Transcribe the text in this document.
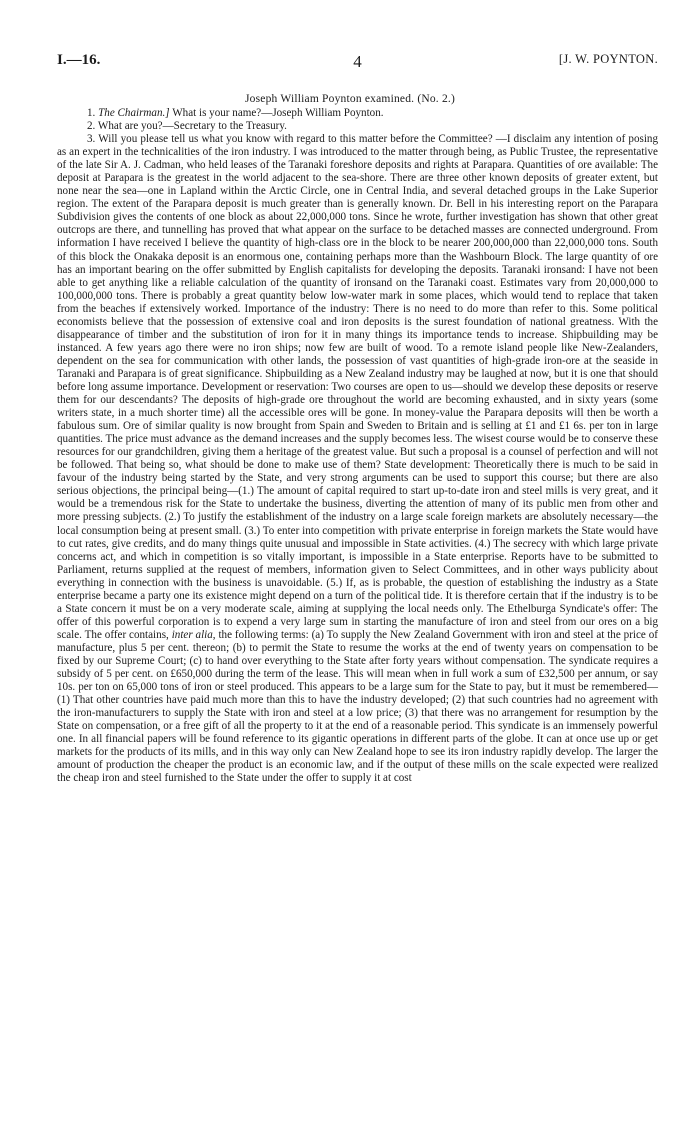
I.—16.	4	[J. W. POYNTON.
Joseph William Poynton examined. (No. 2.)

1. The Chairman.] What is your name?—Joseph William Poynton.

2. What are you?—Secretary to the Treasury.

3. Will you please tell us what you know with regard to this matter before the Committee? —I disclaim any intention of posing as an expert in the technicalities of the iron industry. I was introduced to the matter through being, as Public Trustee, the representative of the late Sir A. J. Cadman, who held leases of the Taranaki foreshore deposits and rights at Parapara. Quantities of ore available: The deposit at Parapara is the greatest in the world adjacent to the sea-shore. There are three other known deposits of greater extent, but none near the sea—one in Lapland within the Arctic Circle, one in Central India, and several detached groups in the Lake Superior region. The extent of the Parapara deposit is much greater than is generally known. Dr. Bell in his interesting report on the Parapara Subdivision gives the contents of one block as about 22,000,000 tons. Since he wrote, further investigation has shown that other great outcrops are there, and tunnelling has proved that what appear on the surface to be detached masses are connected underground. From information I have received I believe the quantity of high-class ore in the block to be nearer 200,000,000 than 22,000,000 tons. South of this block the Onakaka deposit is an enormous one, containing perhaps more than the Washbourn Block. The large quantity of ore has an important bearing on the offer submitted by English capitalists for developing the deposits. Taranaki ironsand: I have not been able to get anything like a reliable calculation of the quantity of ironsand on the Taranaki coast. Estimates vary from 20,000,000 to 100,000,000 tons. There is probably a great quantity below low-water mark in some places, which would tend to replace that taken from the beaches if extensively worked. Importance of the industry: There is no need to do more than refer to this. Some political economists believe that the possession of extensive coal and iron deposits is the surest foundation of national greatness. With the disappearance of timber and the substitution of iron for it in many things its importance tends to increase. Shipbuilding may be instanced. A few years ago there were no iron ships; now few are built of wood. To a remote island people like New-Zealanders, dependent on the sea for communication with other lands, the possession of vast quantities of high-grade iron-ore at the seaside in Taranaki and Parapara is of great significance. Shipbuilding as a New Zealand industry may be laughed at now, but it is one that should before long assume importance. Development or reservation: Two courses are open to us—should we develop these deposits or reserve them for our descendants? The deposits of high-grade ore throughout the world are becoming exhausted, and in sixty years (some writers state, in a much shorter time) all the accessible ores will be gone. In money-value the Parapara deposits will then be worth a fabulous sum. Ore of similar quality is now brought from Spain and Sweden to Britain and is selling at £1 and £1 6s. per ton in large quantities. The price must advance as the demand increases and the supply becomes less. The wisest course would be to conserve these resources for our grandchildren, giving them a heritage of the greatest value. But such a proposal is a counsel of perfection and will not be followed. That being so, what should be done to make use of them? State development: Theoretically there is much to be said in favour of the industry being started by the State, and very strong arguments can be used to support this course; but there are also serious objections, the principal being—(1.) The amount of capital required to start up-to-date iron and steel mills is very great, and it would be a tremendous risk for the State to undertake the business, diverting the attention of many of its public men from other and more pressing subjects. (2.) To justify the establishment of the industry on a large scale foreign markets are absolutely necessary—the local consumption being at present small. (3.) To enter into competition with private enterprise in foreign markets the State would have to cut rates, give credits, and do many things quite unusual and impossible in State activities. (4.) The secrecy with which large private concerns act, and which in competition is so vitally important, is impossible in a State enterprise. Reports have to be submitted to Parliament, returns supplied at the request of members, information given to Select Committees, and in other ways publicity about everything in connection with the business is unavoidable. (5.) If, as is probable, the question of establishing the industry as a State enterprise became a party one its existence might depend on a turn of the political tide. It is therefore certain that if the industry is to be a State concern it must be on a very moderate scale, aiming at supplying the local needs only. The Ethelburga Syndicate's offer: The offer of this powerful corporation is to expend a very large sum in starting the manufacture of iron and steel from our ores on a big scale. The offer contains, inter alia, the following terms: (a) To supply the New Zealand Government with iron and steel at the price of manufacture, plus 5 per cent. thereon; (b) to permit the State to resume the works at the end of twenty years on compensation to be fixed by our Supreme Court; (c) to hand over everything to the State after forty years without compensation. The syndicate requires a subsidy of 5 per cent. on £650,000 during the term of the lease. This will mean when in full work a sum of £32,500 per annum, or say 10s. per ton on 65,000 tons of iron or steel produced. This appears to be a large sum for the State to pay, but it must be remembered—(1) That other countries have paid much more than this to have the industry developed; (2) that such countries had no agreement with the iron-manufacturers to supply the State with iron and steel at a low price; (3) that there was no arrangement for resumption by the State on compensation, or a free gift of all the property to it at the end of a reasonable period. This syndicate is an immensely powerful one. In all financial papers will be found reference to its gigantic operations in different parts of the globe. It can at once use up or get markets for the products of its mills, and in this way only can New Zealand hope to see its iron industry rapidly develop. The larger the amount of production the cheaper the product is an economic law, and if the output of these mills on the scale expected were realized the cheap iron and steel furnished to the State under the offer to supply it at cost
